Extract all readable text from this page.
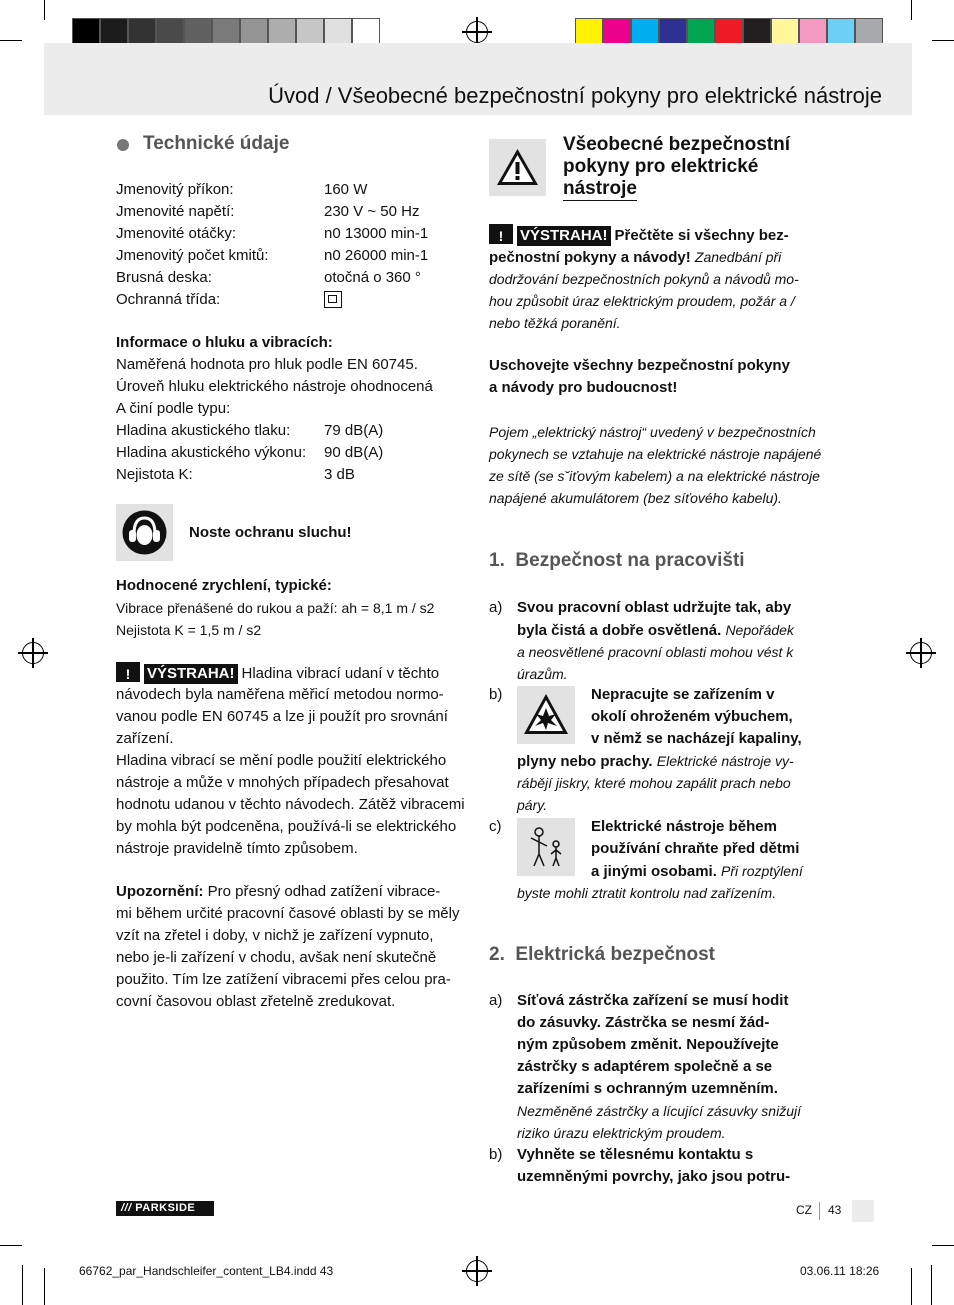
Úvod / Všeobecné bezpečnostní pokyny pro elektrické nástroje
Technické údaje
Jmenovitý příkon:	160 W
Jmenovité napětí:	230 V ~ 50 Hz
Jmenovité otáčky:	n0 13000 min-1
Jmenovitý počet kmitů:	n0 26000 min-1
Brusná deska:	otočná o 360 °
Ochranná třída:
Informace o hluku a vibracích:
Naměřená hodnota pro hluk podle EN 60745.
Úroveň hluku elektrického nástroje ohodnocená
A činí podle typu:
Hladina akustického tlaku: 79 dB(A)
Hladina akustického výkonu: 90 dB(A)
Nejistota K:	3 dB
Noste ochranu sluchu!
Hodnocené zrychlení, typické:
Vibrace přenášené do rukou a paží: ah = 8,1 m / s2
Nejistota K = 1,5 m / s2
!VÝSTRAHA! Hladina vibrací udaní v těchto
návodech byla naměřena měřicí metodou normo-
vanou podle EN 60745 a lze ji použít pro srovnání
zařízení.
Hladina vibrací se mění podle použití elektrického
nástroje a může v mnohých případech přesahovat
hodnotu udanou v těchto návodech. Zátěž vibracemi
by mohla být podceněna, používá-li se elektrického
nástroje pravidelně tímto způsobem.
Upozornění: Pro přesný odhad zatížení vibrace-
mi během určité pracovní časové oblasti by se měly
vzít na zřetel i doby, v nichž je zařízení vypnuto,
nebo je-li zařízení v chodu, avšak není skutečně
použito. Tím lze zatížení vibracemi přes celou pra-
covní časovou oblast zřetelně zredukovat.
Všeobecné bezpečnostní
pokyny pro elektrické
nástroje
!VÝSTRAHA! Přečtěte si všechny bez-
pečnostní pokyny a návody! Zanedbání při
dodržování bezpečnostních pokynů a návodů mo-
hou způsobit úraz elektrickým proudem, požár a /
nebo těžká poranění.
Uschovejte všechny bezpečnostní pokyny
a návody pro budoucnost!
Pojem „elektrický nástroj“ uvedený v bezpečnostních
pokynech se vztahuje na elektrické nástroje napájené
ze sítě (se s˘iťovým kabelem) a na elektrické nástroje
napájené akumulátorem (bez síťového kabelu).
1. Bezpečnost na pracovišti
a) Svou pracovní oblast udržujte tak, aby
byla čistá a dobře osvětlená. Nepořádek
a neosvětlené pracovní oblasti mohou vést k
úrazům.
b)	Nepracujte se zařízením v
okolí ohroženém výbuchem,
v němž se nacházejí kapaliny,
plyny nebo prachy. Elektrické nástroje vy-
rábějí jiskry, které mohou zapálit prach nebo
páry.
c)	Elektrické nástroje během
používání chraňte před dětmi
a jinými osobami. Při rozptýlení
byste mohli ztratit kontrolu nad zařízením.
2. Elektrická bezpečnost
a) Síťová zástrčka zařízení se musí hodit
do zásuvky. Zástrčka se nesmí žád-
ným způsobem změnit. Nepoužívejte
zástrčky s adaptérem společně a se
zařízeními s ochranným uzemněním.
Nezměněné zástrčky a lícující zásuvky snižují
riziko úrazu elektrickým proudem.
b) Vyhněte se tělesnému kontaktu s
uzemněnými povrchy, jako jsou potru-
/// PARKSIDE	CZ 43
66762_par_Handschleifer_content_LB4.indd 43	03.06.11 18:26
